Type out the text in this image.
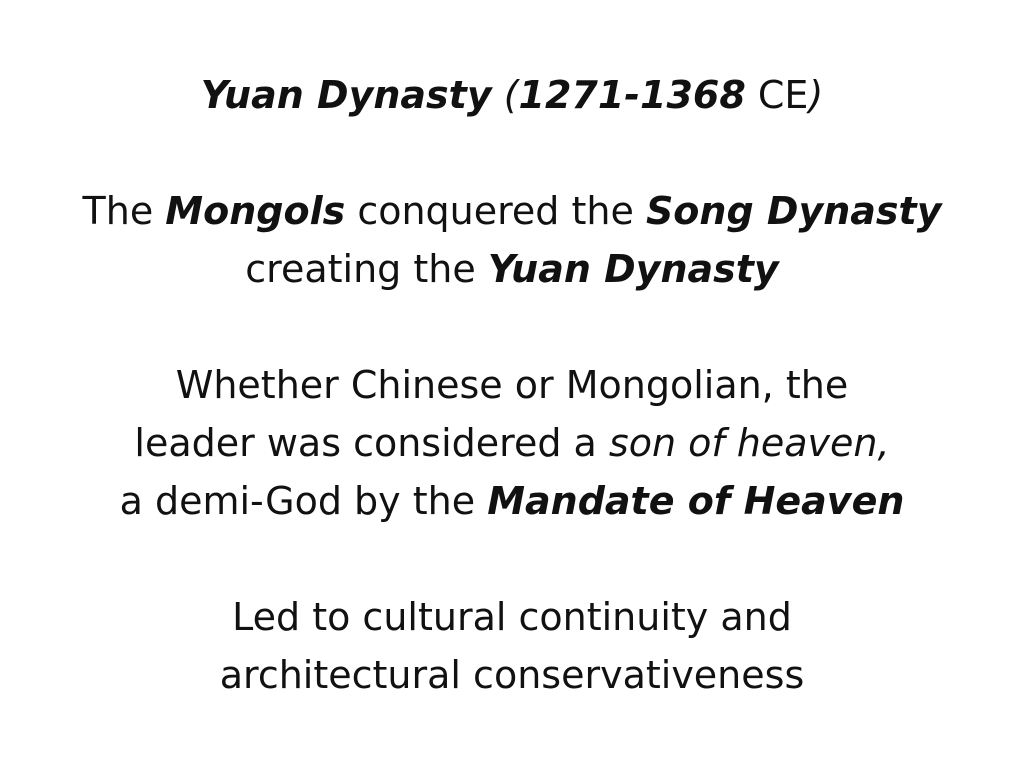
Yuan Dynasty (1271-1368 CE)
The Mongols conquered the Song Dynasty
creating the Yuan Dynasty
Whether Chinese or Mongolian, the
leader was considered a son of heaven,
a demi-God by the Mandate of Heaven
Led to cultural continuity and
architectural conservativeness
